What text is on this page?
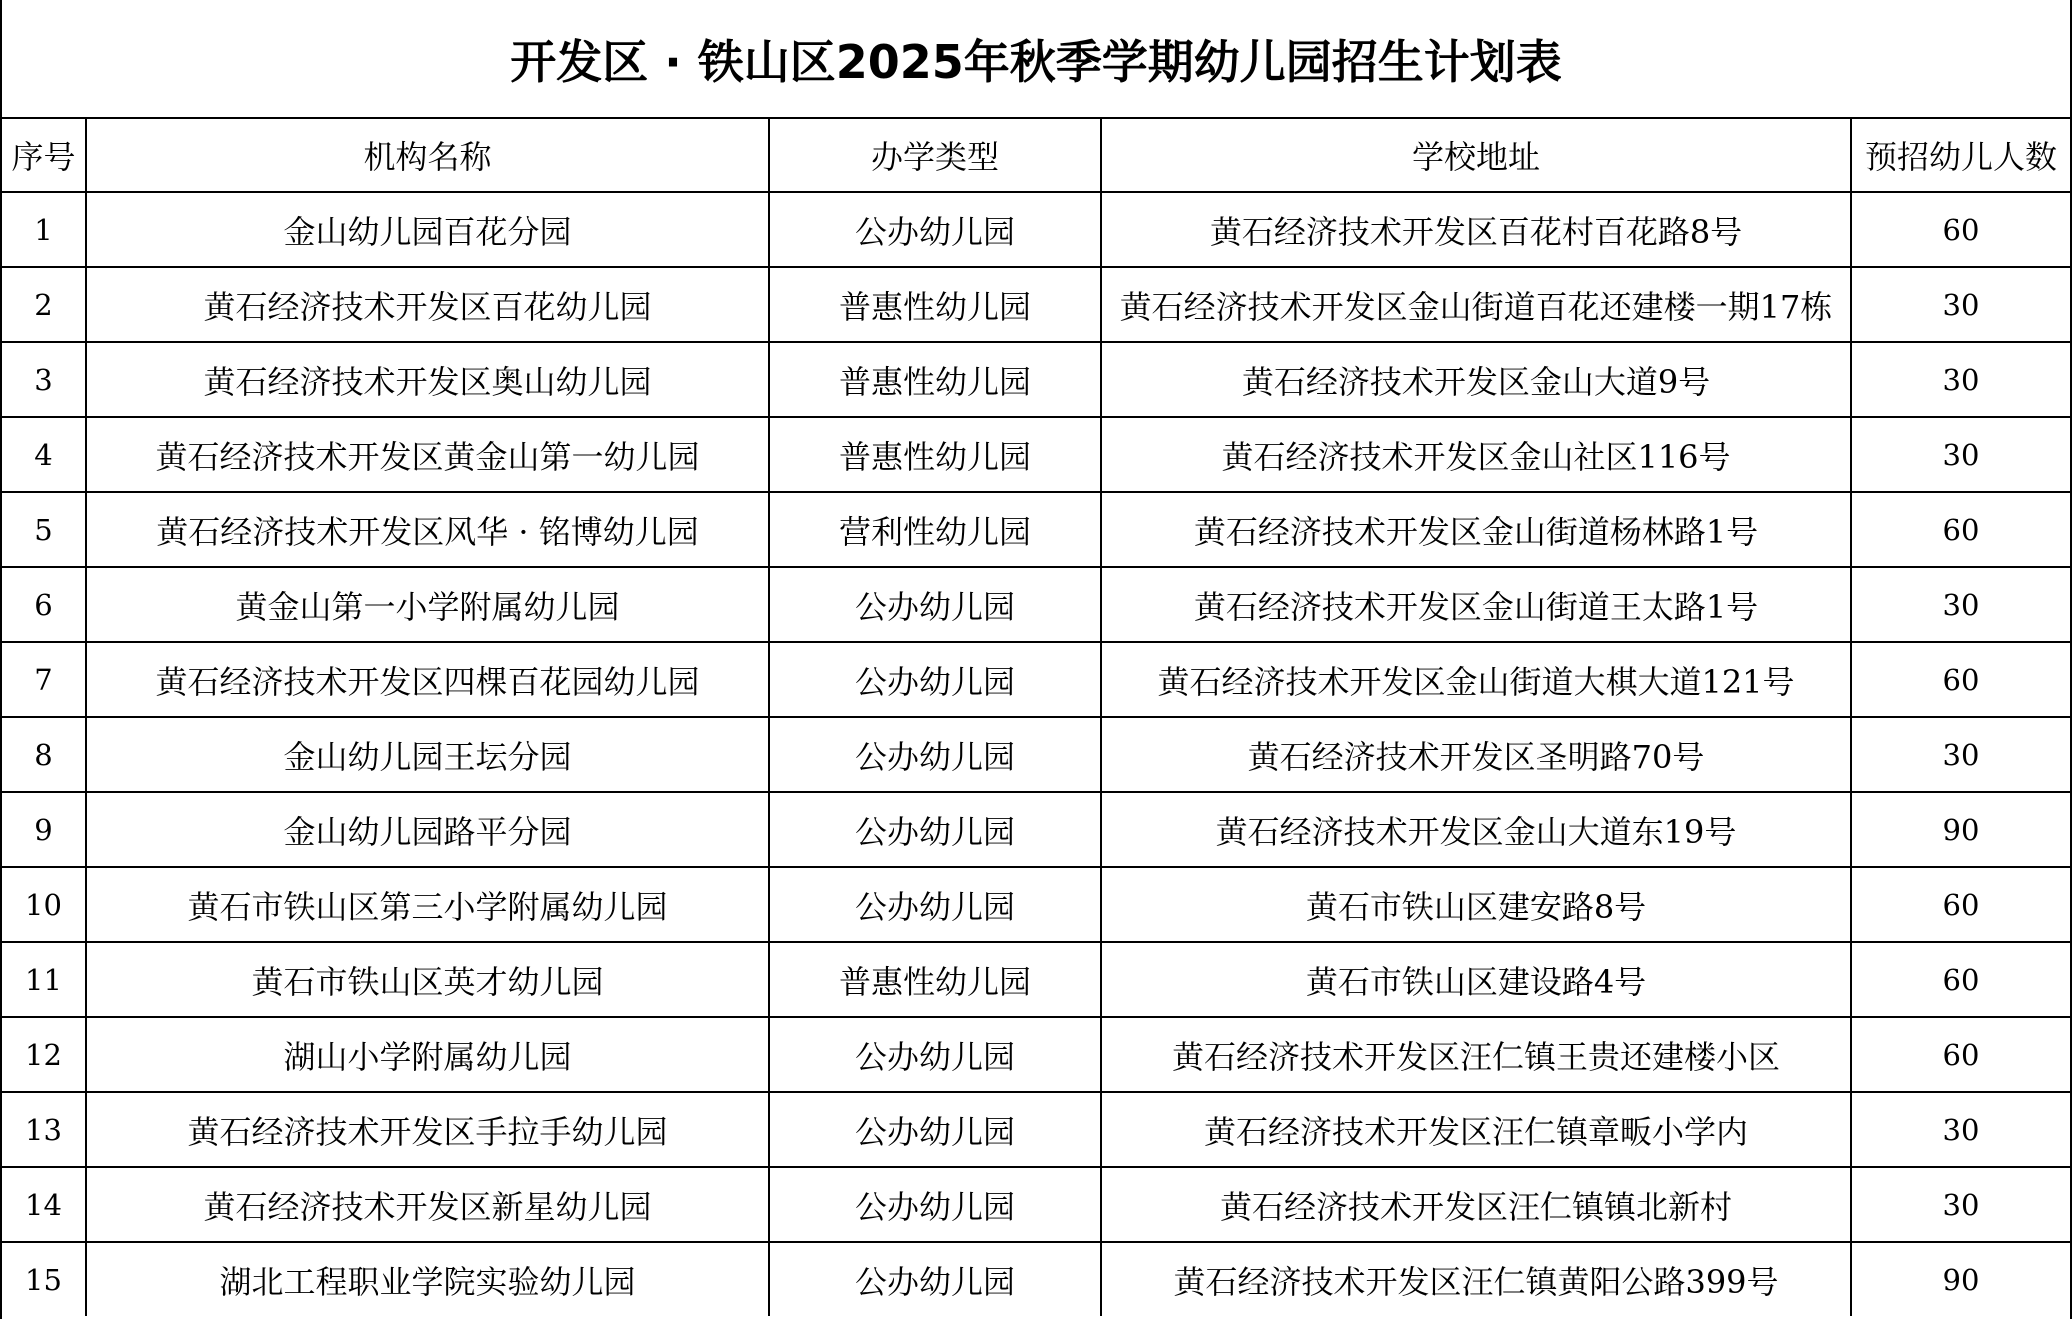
开发区 · 铁山区2025年秋季学期幼儿园招生计划表
序号	机构名称	办学类型	学校地址	预招幼儿人数
1	金山幼儿园百花分园	公办幼儿园	黄石经济技术开发区百花村百花路8号	60
2	黄石经济技术开发区百花幼儿园	普惠性幼儿园	黄石经济技术开发区金山街道百花还建楼一期17栋	30
3	黄石经济技术开发区奥山幼儿园	普惠性幼儿园	黄石经济技术开发区金山大道9号	30
4	黄石经济技术开发区黄金山第一幼儿园	普惠性幼儿园	黄石经济技术开发区金山社区116号	30
5	黄石经济技术开发区风华 · 铭博幼儿园	营利性幼儿园	黄石经济技术开发区金山街道杨林路1号	60
6	黄金山第一小学附属幼儿园	公办幼儿园	黄石经济技术开发区金山街道王太路1号	30
7	黄石经济技术开发区四棵百花园幼儿园	公办幼儿园	黄石经济技术开发区金山街道大棋大道121号	60
8	金山幼儿园王坛分园	公办幼儿园	黄石经济技术开发区圣明路70号	30
9	金山幼儿园路平分园	公办幼儿园	黄石经济技术开发区金山大道东19号	90
10	黄石市铁山区第三小学附属幼儿园	公办幼儿园	黄石市铁山区建安路8号	60
11	黄石市铁山区英才幼儿园	普惠性幼儿园	黄石市铁山区建设路4号	60
12	湖山小学附属幼儿园	公办幼儿园	黄石经济技术开发区汪仁镇王贵还建楼小区	60
13	黄石经济技术开发区手拉手幼儿园	公办幼儿园	黄石经济技术开发区汪仁镇章畈小学内	30
14	黄石经济技术开发区新星幼儿园	公办幼儿园	黄石经济技术开发区汪仁镇镇北新村	30
15	湖北工程职业学院实验幼儿园	公办幼儿园	黄石经济技术开发区汪仁镇黄阳公路399号	90
